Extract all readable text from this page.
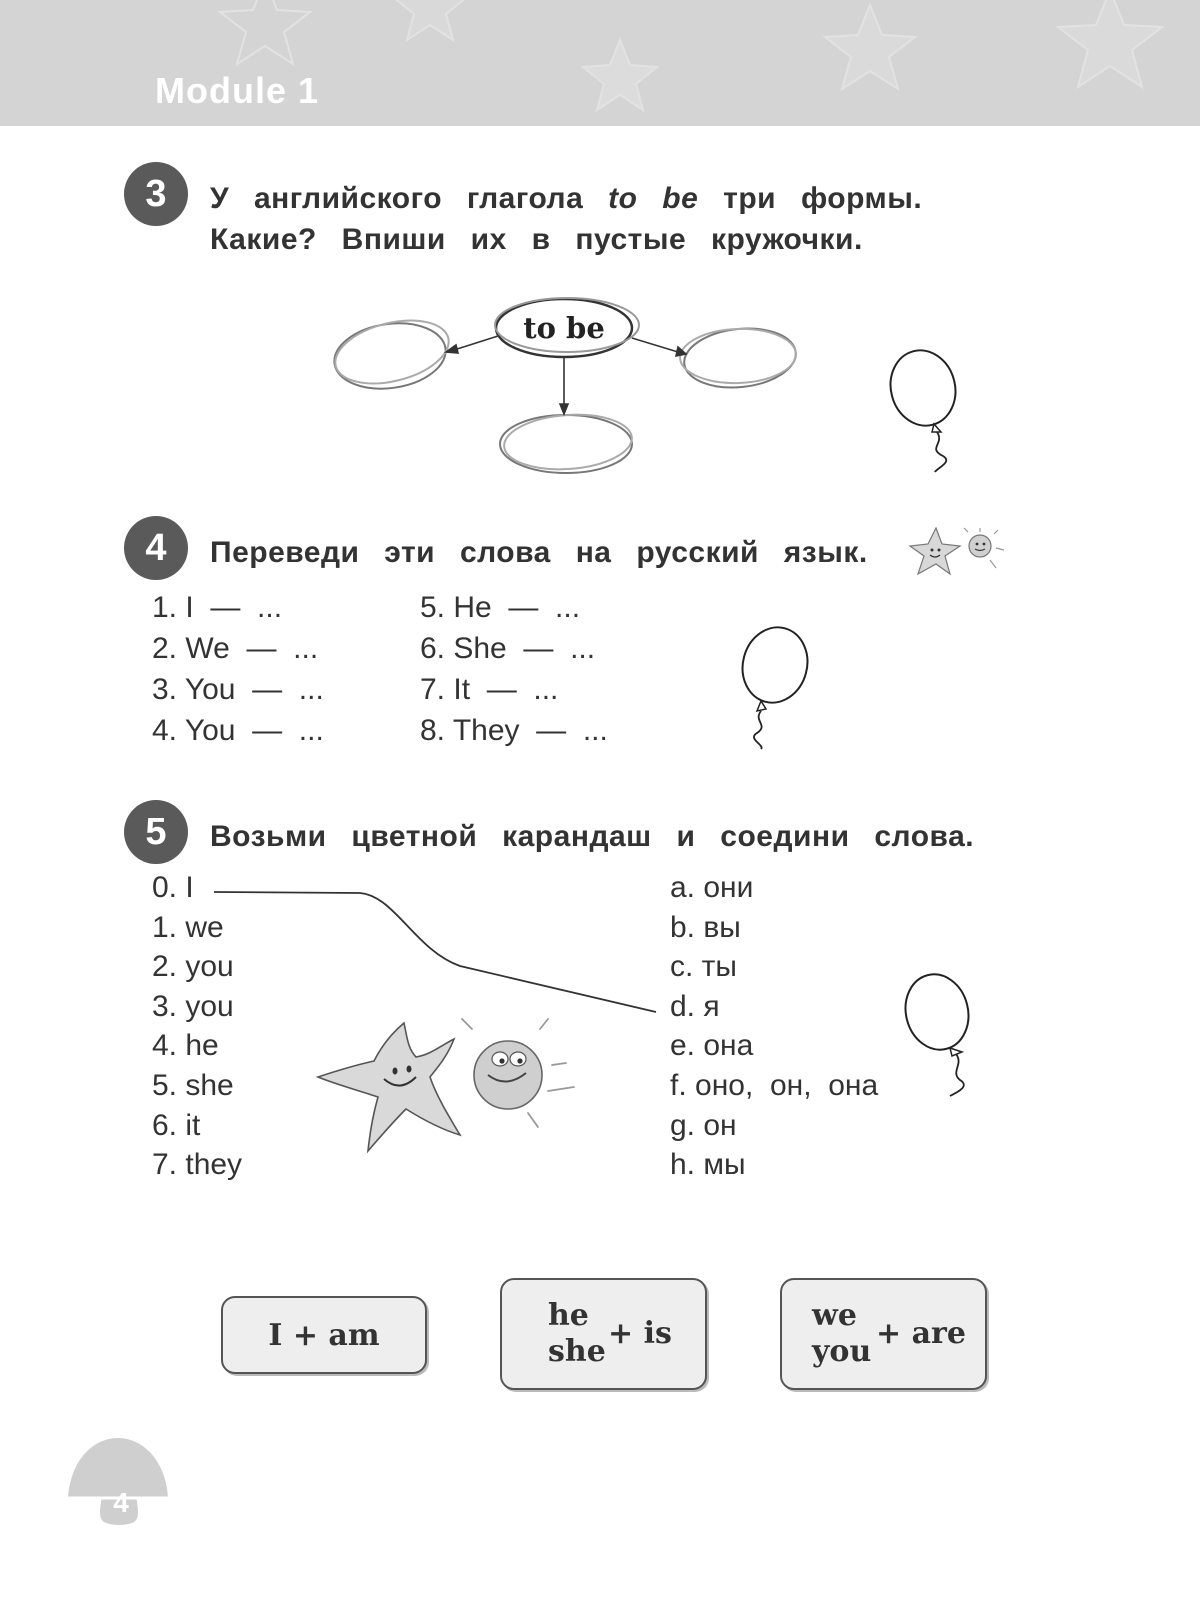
Module 1
3	У английского глагола to be три формы.
Какие? Впиши их в пустые кружочки.
to be
4	Переведи эти слова на русский язык.
1. I  —  ...
2. We  —  ...
3. You  —  ...
4. You  —  ...
5. He  —  ...
6. She  —  ...
7. It  —  ...
8. They  —  ...
5	Возьми цветной карандаш и соедини слова.
0. I
1. we
2. you
3. you
4. he
5. she
6. it
7. they
a. они
b. вы
c. ты
d. я
e. она
f. оно,  он,  она
g. он
h. мы
I + am
he
she
+ is
we
you
+ are
4
